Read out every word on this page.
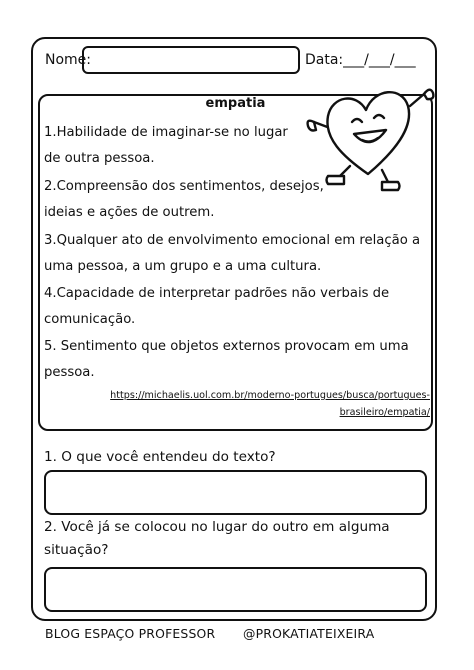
Nome:	Data:___/___/___
empatia

1.Habilidade de imaginar-se no lugar
de outra pessoa.

2.Compreensão dos sentimentos, desejos,
ideias e ações de outrem.

3.Qualquer ato de envolvimento emocional em relação a
uma pessoa, a um grupo e a uma cultura.

4.Capacidade de interpretar padrões não verbais de
comunicação.

5. Sentimento que objetos externos provocam em uma
pessoa.

https://michaelis.uol.com.br/moderno-portugues/busca/portugues-
brasileiro/empatia/

1. O que você entendeu do texto?

2. Você já se colocou no lugar do outro em alguma
situação?

BLOG ESPAÇO PROFESSOR @PROKATIATEIXEIRA
